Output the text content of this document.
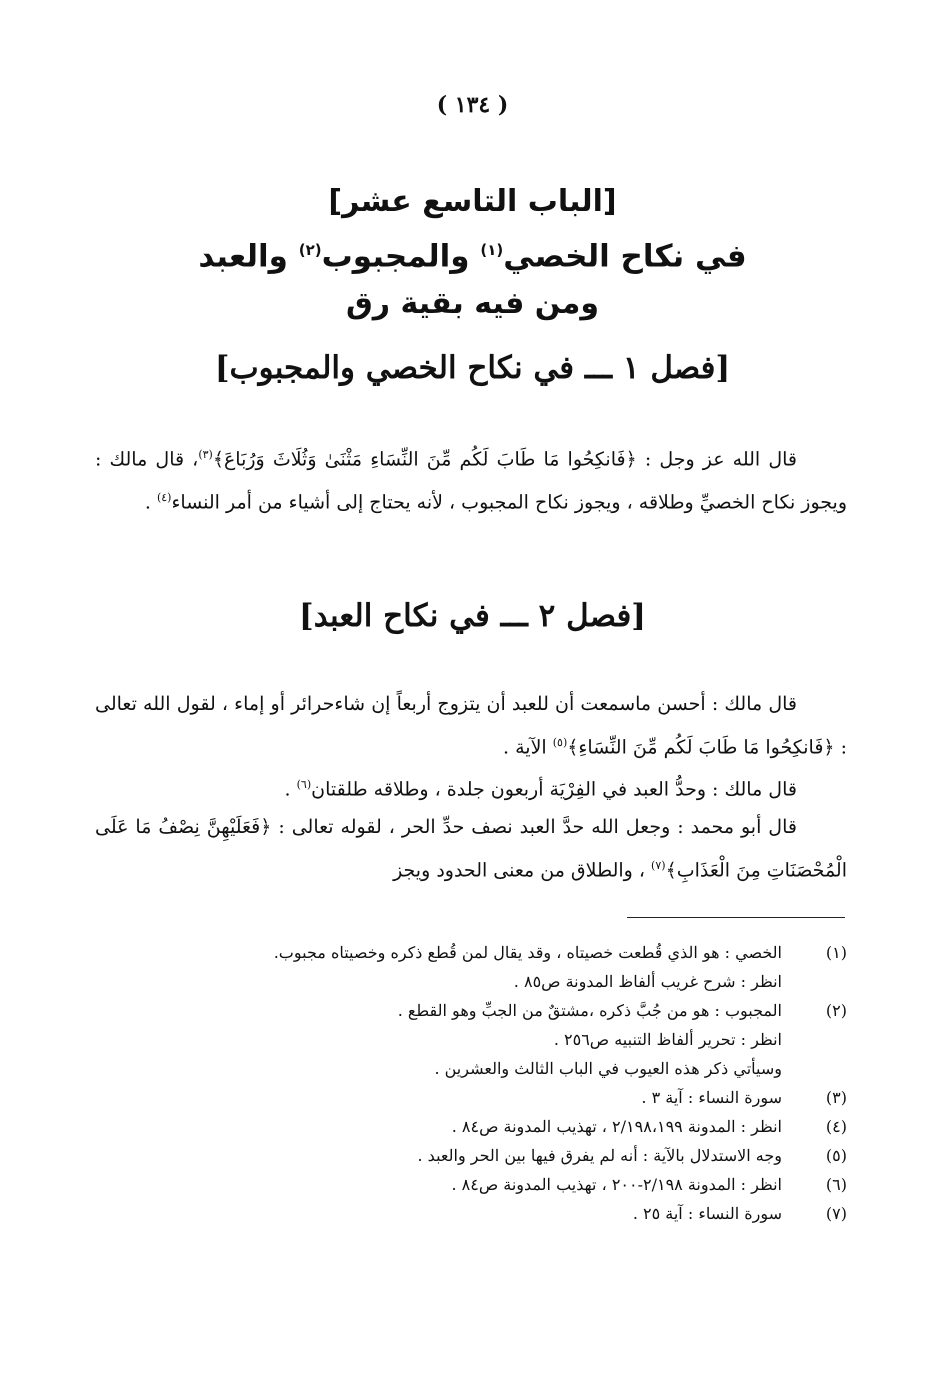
( ١٣٤ )
[الباب التاسع عشر]
في نكاح الخصي$^{(١)}$ والمجبوب$^{(٢)}$ والعبد
ومن فيه بقية رق
[فصل ١ ـــ في نكاح الخصي والمجبوب]

قال الله عز وجل : ﴿فَانكِحُوا مَا طَابَ لَكُم مِّنَ النِّسَاءِ مَثْنَىٰ وَثُلَاثَ وَرُبَاعَ﴾$^{(٣)}$، قال مالك : ويجوز نكاح الخصيِّ وطلاقه ، ويجوز نكاح المجبوب ، لأنه يحتاج إلى أشياء من أمر النساء$^{(٤)}$ .

[فصل ٢ ـــ في نكاح العبد]

قال مالك : أحسن ماسمعت أن للعبد أن يتزوج أربعاً إن شاءحرائر أو إماء ، لقول الله تعالى : ﴿فَانكِحُوا مَا طَابَ لَكُم مِّنَ النِّسَاءِ﴾$^{(٥)}$ الآية .

قال مالك : وحدُّ العبد في الفِرْيَة أربعون جلدة ، وطلاقه طلقتان$^{(٦)}$ .

قال أبو محمد : وجعل الله حدَّ العبد نصف حدِّ الحر ، لقوله تعالى : ﴿فَعَلَيْهِنَّ نِصْفُ مَا عَلَى الْمُحْصَنَاتِ مِنَ الْعَذَابِ﴾$^{(٧)}$ ، والطلاق من معنى الحدود ويجز

(١)
الخصي : هو الذي قُطعت خصيتاه ، وقد يقال لمن قُطع ذكره وخصيتاه مجبوب.
انظر : شرح غريب ألفاظ المدونة ص٨٥ .
(٢)
المجبوب : هو من جُبَّ ذكره ،مشتقٌ من الجبِّ وهو القطع .
انظر : تحرير ألفاظ التنبيه ص٢٥٦ .
وسيأتي ذكر هذه العيوب في الباب الثالث والعشرين .
(٣)
سورة النساء : آية ٣ .
(٤)
انظر : المدونة ٢/١٩٨،١٩٩ ، تهذيب المدونة ص٨٤ .
(٥)
وجه الاستدلال بالآية : أنه لم يفرق فيها بين الحر والعبد .
(٦)
انظر : المدونة ٢/١٩٨-٢٠٠ ، تهذيب المدونة ص٨٤ .
(٧)
سورة النساء : آية ٢٥ .
